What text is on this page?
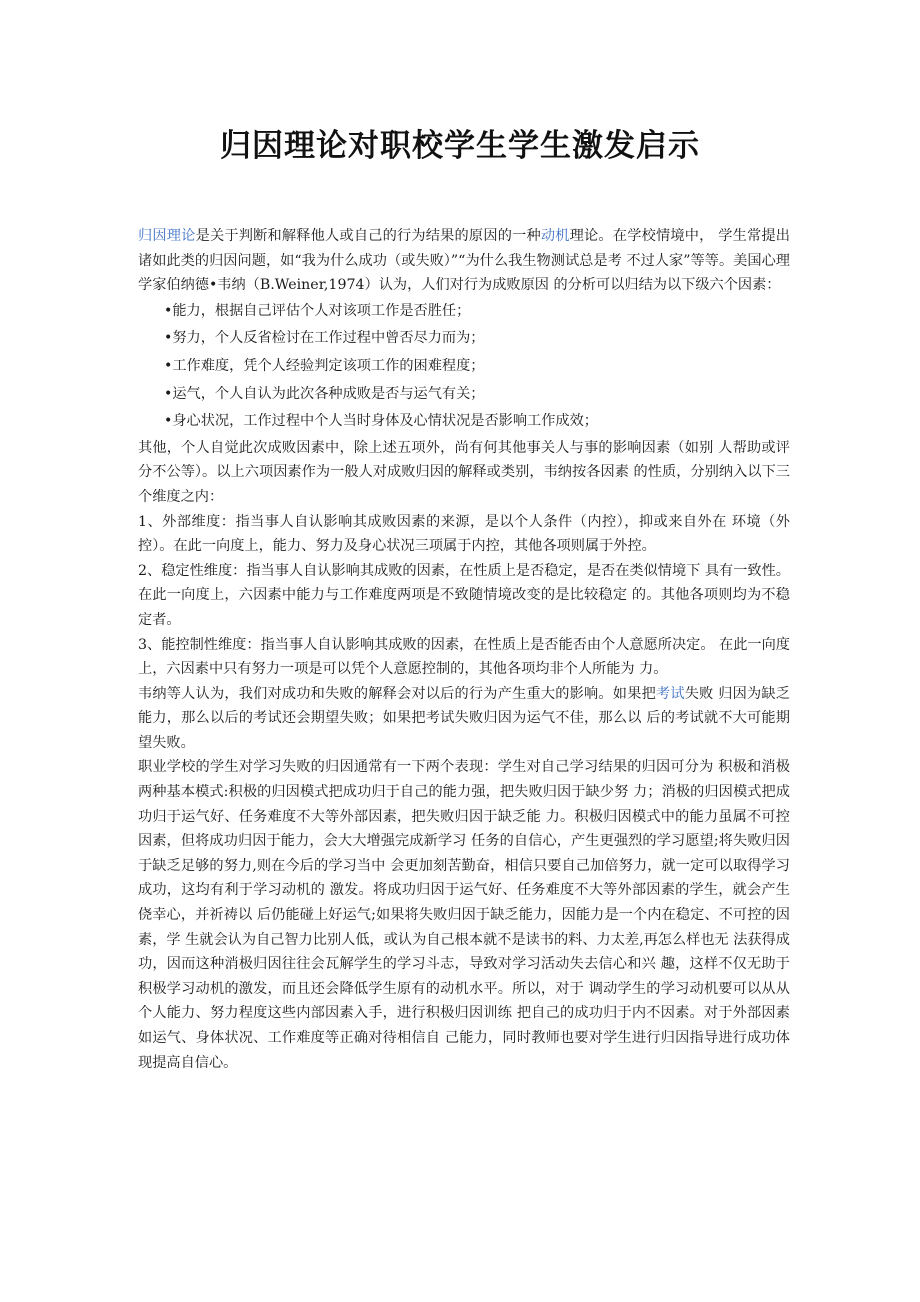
归因理论对职校学生学生激发启示

归因理论是关于判断和解释他人或自己的行为结果的原因的一种动机理论。在学校情境中， 学生常提出诸如此类的归因问题，如“我为什么成功（或失败）”“为什么我生物测试总是考 不过人家”等等。美国心理学家伯纳德•韦纳（B.Weiner,1974）认为，人们对行为成败原因 的分析可以归结为以下级六个因素：

•能力，根据自己评估个人对该项工作是否胜任；
•努力，个人反省检讨在工作过程中曾否尽力而为；
•工作难度，凭个人经验判定该项工作的困难程度；
•运气，个人自认为此次各种成败是否与运气有关；
•身心状况，工作过程中个人当时身体及心情状况是否影响工作成效；

其他，个人自觉此次成败因素中，除上述五项外，尚有何其他事关人与事的影响因素（如别 人帮助或评分不公等）。以上六项因素作为一般人对成败归因的解释或类别，韦纳按各因素 的性质，分别纳入以下三个维度之内：

1、外部维度：指当事人自认影响其成败因素的来源，是以个人条件（内控），抑或来自外在 环境（外控）。在此一向度上，能力、努力及身心状况三项属于内控，其他各项则属于外控。

2、稳定性维度：指当事人自认影响其成败的因素，在性质上是否稳定，是否在类似情境下 具有一致性。在此一向度上，六因素中能力与工作难度两项是不致随情境改变的是比较稳定 的。其他各项则均为不稳定者。

3、能控制性维度：指当事人自认影响其成败的因素，在性质上是否能否由个人意愿所决定。 在此一向度上，六因素中只有努力一项是可以凭个人意愿控制的，其他各项均非个人所能为 力。

韦纳等人认为，我们对成功和失败的解释会对以后的行为产生重大的影响。如果把考试失败 归因为缺乏能力，那么以后的考试还会期望失败；如果把考试失败归因为运气不佳，那么以 后的考试就不大可能期望失败。

职业学校的学生对学习失败的归因通常有一下两个表现：学生对自己学习结果的归因可分为 积极和消极两种基本模式:积极的归因模式把成功归于自己的能力强，把失败归因于缺少努 力；消极的归因模式把成功归于运气好、任务难度不大等外部因素，把失败归因于缺乏能 力。积极归因模式中的能力虽属不可控因素，但将成功归因于能力，会大大增强完成新学习 任务的自信心，产生更强烈的学习愿望;将失败归因于缺乏足够的努力,则在今后的学习当中 会更加刻苦勤奋，相信只要自己加倍努力，就一定可以取得学习成功，这均有利于学习动机的 激发。将成功归因于运气好、任务难度不大等外部因素的学生，就会产生侥幸心，并祈祷以 后仍能碰上好运气;如果将失败归因于缺乏能力，因能力是一个内在稳定、不可控的因素，学 生就会认为自己智力比别人低，或认为自己根本就不是读书的料、力太差,再怎么样也无 法获得成功，因而这种消极归因往往会瓦解学生的学习斗志，导致对学习活动失去信心和兴 趣，这样不仅无助于积极学习动机的激发，而且还会降低学生原有的动机水平。所以，对于 调动学生的学习动机要可以从从个人能力、努力程度这些内部因素入手，进行积极归因训练 把自己的成功归于内不因素。对于外部因素如运气、身体状况、工作难度等正确对待相信自 己能力，同时教师也要对学生进行归因指导进行成功体现提高自信心。
